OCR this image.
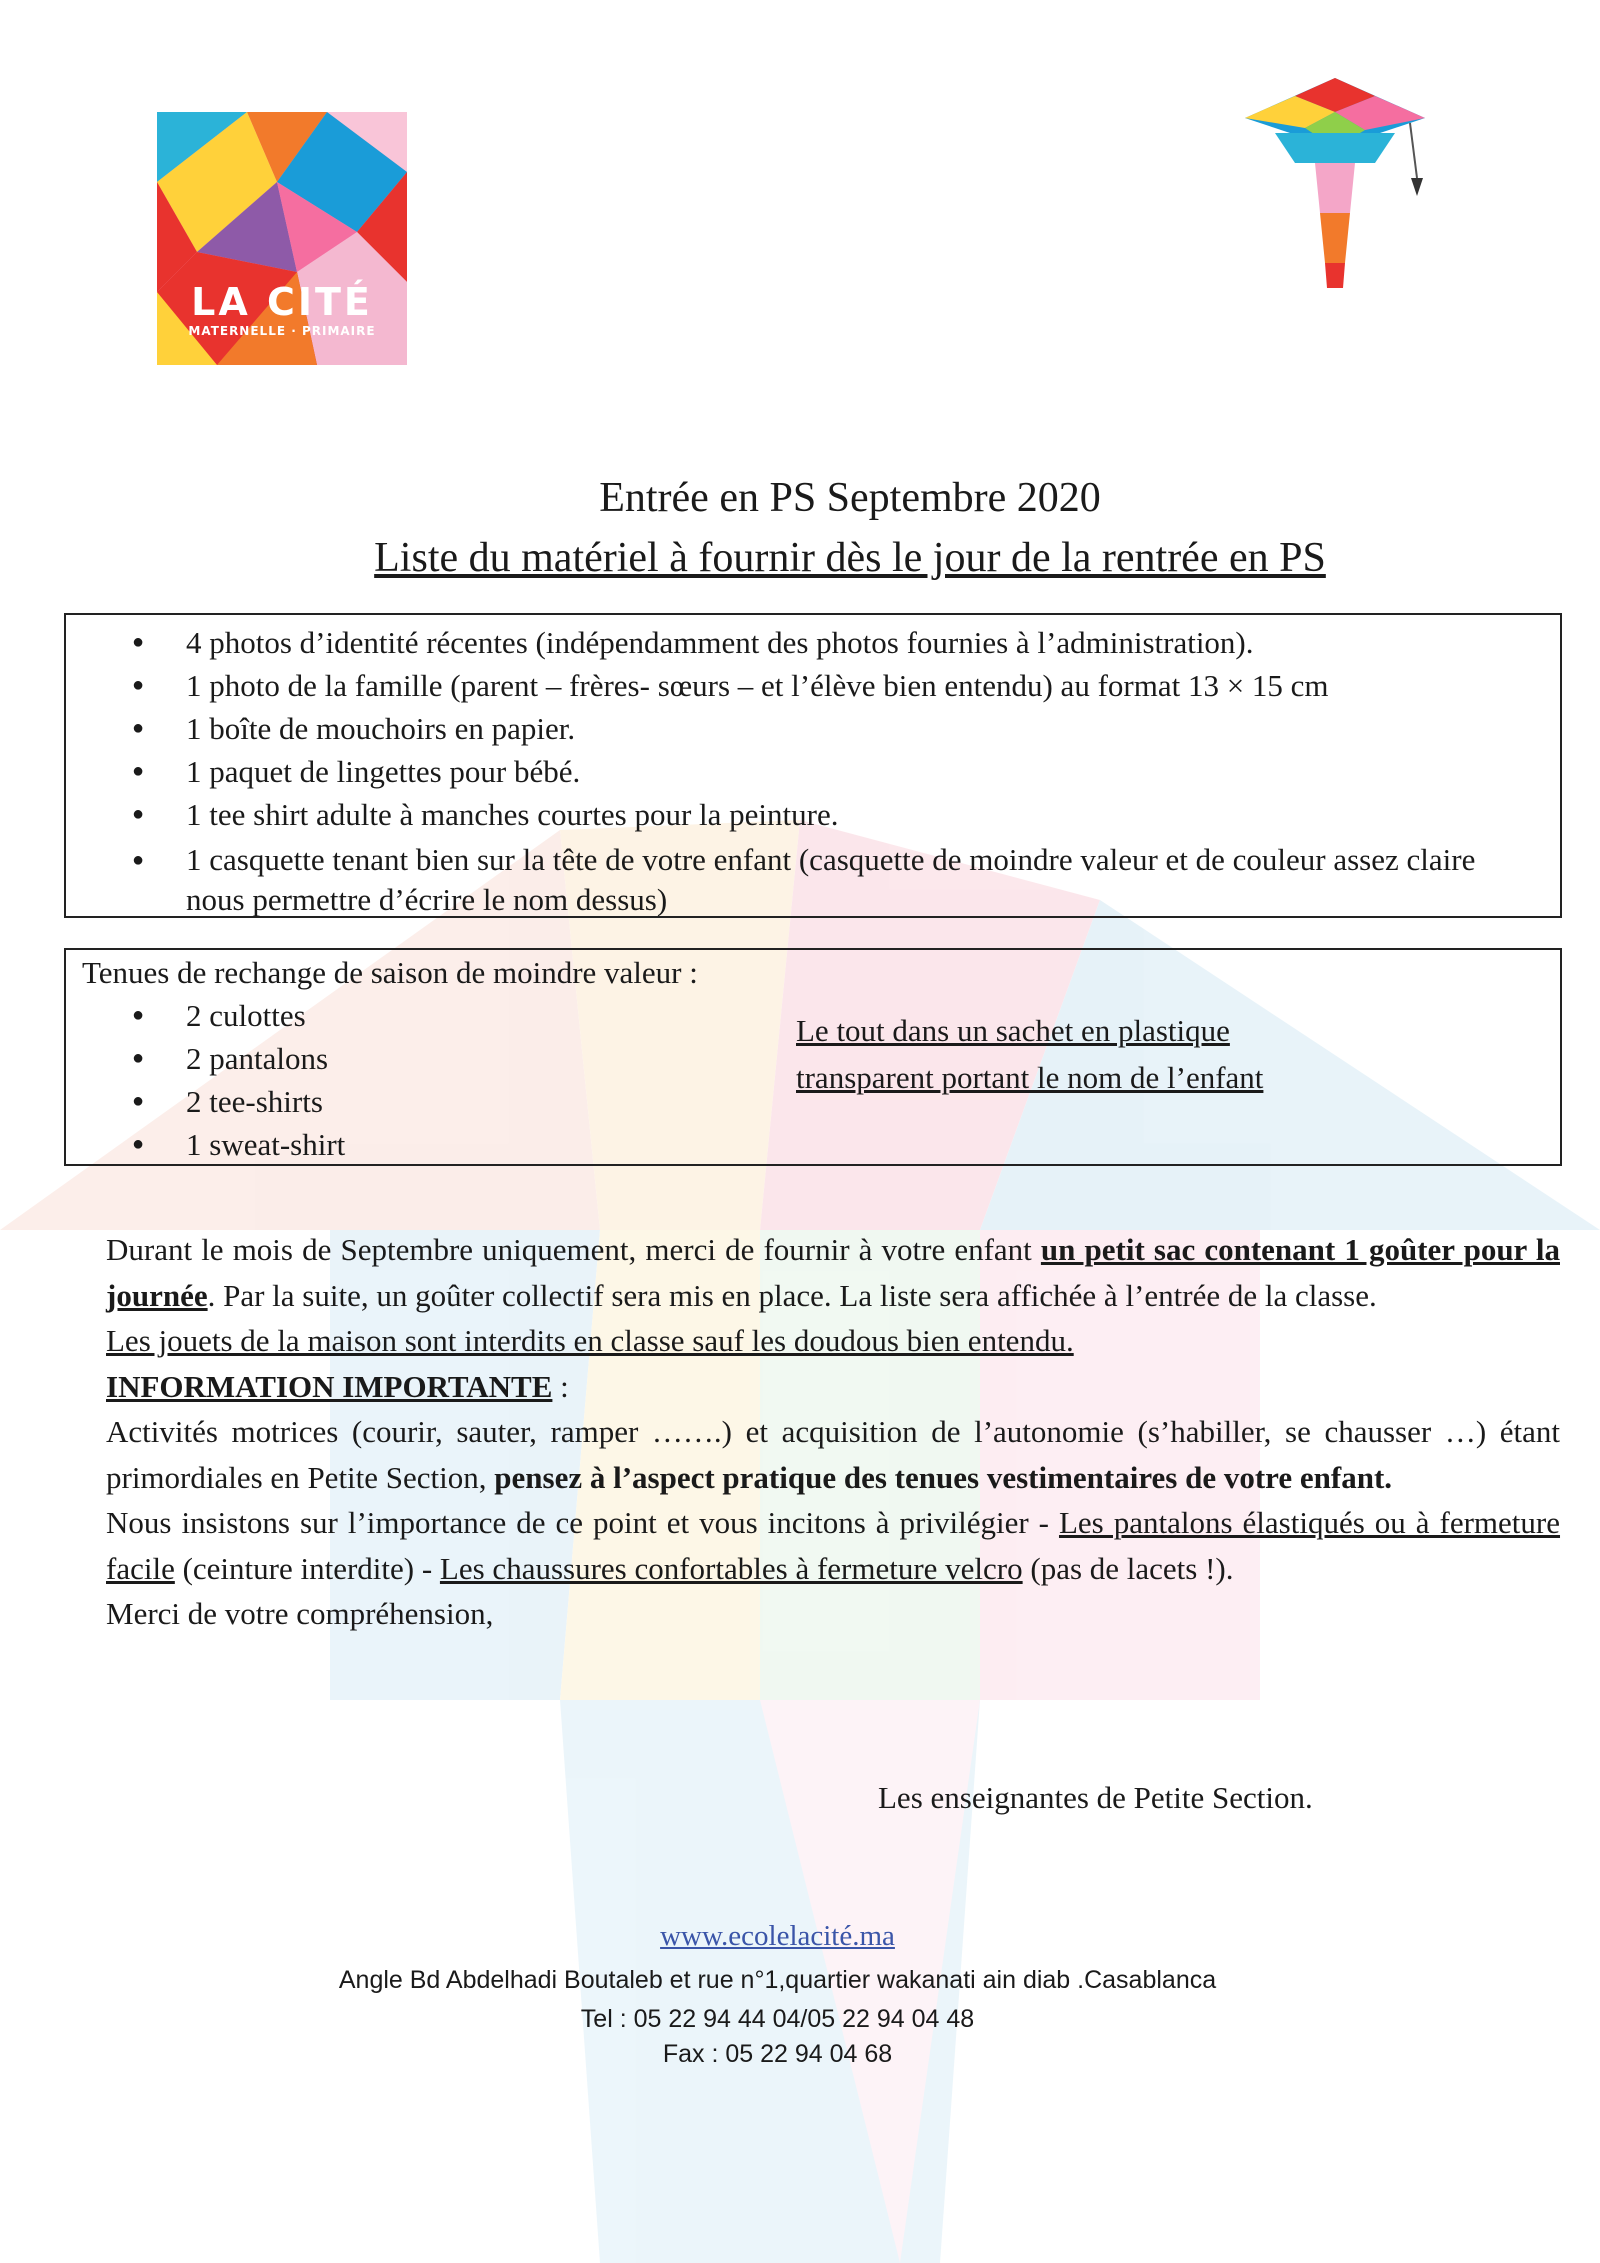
LA CITÉ
MATERNELLE · PRIMAIRE
Entrée en PS Septembre 2020
Liste du matériel à fournir dès le jour de la rentrée en PS
● 4 photos d’identité récentes (indépendamment des photos fournies à l’administration).
● 1 photo de la famille (parent – frères- sœurs – et l’élève bien entendu) au format 13 × 15 cm
● 1 boîte de mouchoirs en papier.
● 1 paquet de lingettes pour bébé.
● 1 tee shirt adulte à manches courtes pour la peinture.
● 1 casquette tenant bien sur la tête de votre enfant (casquette de moindre valeur et de couleur assez claire nous permettre d’écrire le nom dessus)
Tenues de rechange de saison de moindre valeur :
● 2 culottes
● 2 pantalons
● 2 tee-shirts
● 1 sweat-shirt
Le tout dans un sachet en plastique
transparent portant le nom de l’enfant

Durant le mois de Septembre uniquement, merci de fournir à votre enfant un petit sac contenant 1 goûter pour la journée. Par la suite, un goûter collectif sera mis en place. La liste sera affichée à l’entrée de la classe.

Les jouets de la maison sont interdits en classe sauf les doudous bien entendu.

INFORMATION IMPORTANTE :

Activités motrices (courir, sauter, ramper …….) et acquisition de l’autonomie (s’habiller, se chausser …) étant primordiales en Petite Section, pensez à l’aspect pratique des tenues vestimentaires de votre enfant.

Nous insistons sur l’importance de ce point et vous incitons à privilégier - Les pantalons élastiqués ou à fermeture facile (ceinture interdite) - Les chaussures confortables à fermeture velcro (pas de lacets !).

Merci de votre compréhension,

Les enseignantes de Petite Section.
www.ecolelacité.ma
Angle Bd Abdelhadi Boutaleb et rue n°1,quartier wakanati ain diab .Casablanca
Tel : 05 22 94 44 04/05 22 94 04 48
Fax : 05 22 94 04 68
